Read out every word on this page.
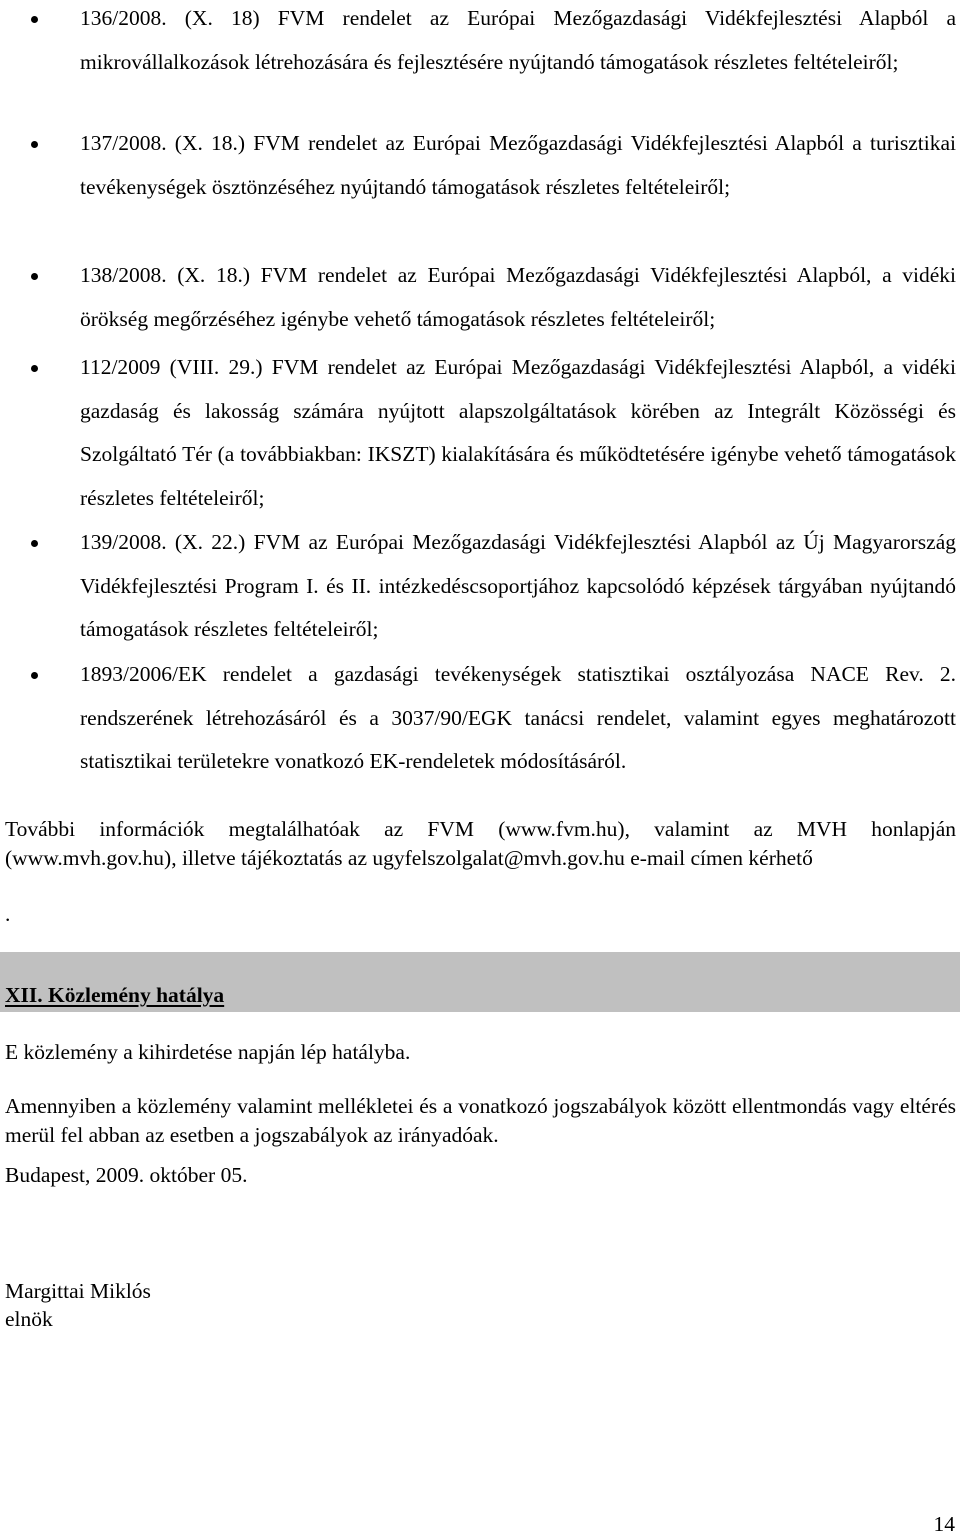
136/2008. (X. 18) FVM rendelet az Európai Mezőgazdasági Vidékfejlesztési Alapból a mikrovállalkozások létrehozására és fejlesztésére nyújtandó támogatások részletes feltételeiről;
137/2008. (X. 18.) FVM rendelet az Európai Mezőgazdasági Vidékfejlesztési Alapból a turisztikai tevékenységek ösztönzéséhez nyújtandó támogatások részletes feltételeiről;
138/2008. (X. 18.) FVM rendelet az Európai Mezőgazdasági Vidékfejlesztési Alapból, a vidéki örökség megőrzéséhez igénybe vehető támogatások részletes feltételeiről;
112/2009 (VIII. 29.) FVM rendelet az Európai Mezőgazdasági Vidékfejlesztési Alapból, a vidéki gazdaság és lakosság számára nyújtott alapszolgáltatások körében az Integrált Közösségi és Szolgáltató Tér (a továbbiakban: IKSZT) kialakítására és működtetésére igénybe vehető támogatások részletes feltételeiről;
139/2008. (X. 22.) FVM az Európai Mezőgazdasági Vidékfejlesztési Alapból az Új Magyarország Vidékfejlesztési Program I. és II. intézkedéscsoportjához kapcsolódó képzések tárgyában nyújtandó támogatások részletes feltételeiről;
1893/2006/EK rendelet a gazdasági tevékenységek statisztikai osztályozása NACE Rev. 2. rendszerének létrehozásáról és a 3037/90/EGK tanácsi rendelet, valamint egyes meghatározott statisztikai területekre vonatkozó EK-rendeletek módosításáról.

További információk megtalálhatóak az FVM (www.fvm.hu), valamint az MVH honlapján (www.mvh.gov.hu), illetve tájékoztatás az ugyfelszolgalat@mvh.gov.hu e-mail címen kérhető

.

XII. Közlemény hatálya

E közlemény a kihirdetése napján lép hatályba.

Amennyiben a közlemény valamint mellékletei és a vonatkozó jogszabályok között ellentmondás vagy eltérés merül fel abban az esetben a jogszabályok az irányadóak.

Budapest, 2009. október 05.

Margittai Miklós

elnök

14
